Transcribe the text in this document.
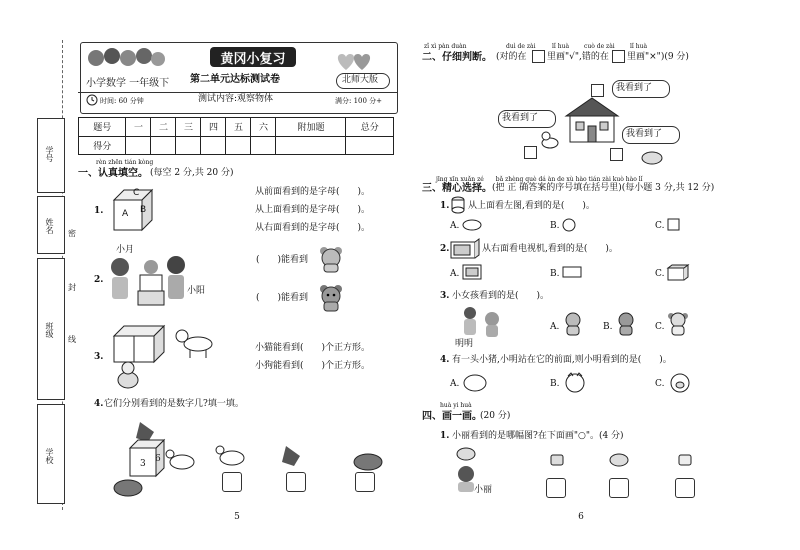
学号
姓名
班级
学校
密
封
线
黄冈小复习
小学数学 一年级下 第二单元达标测试卷	北师大版
时间: 60 分钟	测试内容:观察物体	满分: 100 分+
题号	一	二	三	四	五	六	附加题	总分
得分								
rèn zhēn tián kòng
一、认真填空。 (每空 2 分,共 20 分)
1. A B
C	从前面看到的是字母(　　)。
从上面看到的是字母(　　)。
从右面看到的是字母(　　)。
2.
小月
小阳
(　　)能看到
(　　)能看到
3.
小猫能看到(　　)个正方形。
小狗能看到(　　)个正方形。
4. 它们分别看到的是数字几?填一填。
3 6
5
zǐ xì pàn duàn	duì de zài	lǐ huà cuò de zài	lǐ huà
二、仔细判断。 (对的在 里画"√",错的在 里画"×")(9 分)
我看到了
我看到了
我看到了
jīng xīn xuǎn zé　　bǎ zhèng què dá àn de xù hào tián zài kuò hào lǐ
三、精心选择。 (把 正 确答案的序号填在括号里)(每小题 3 分,共 12 分)
1. 从上面看左图,看到的是(　　)。
A.	B.	C.
2.	从右面看电视机,看到的是(　　)。
A.	B.	C.
3. 小女孩看到的是(　　)。
明明
A.	B.	C.
4. 有一头小猪,小明站在它的前面,则小明看到的是(　　)。
A.	B.	C.
huà yi huà
四、画一画。
(20 分)
1. 小丽看到的是哪幅图?在下面画"○"。(4 分)
小丽
6
